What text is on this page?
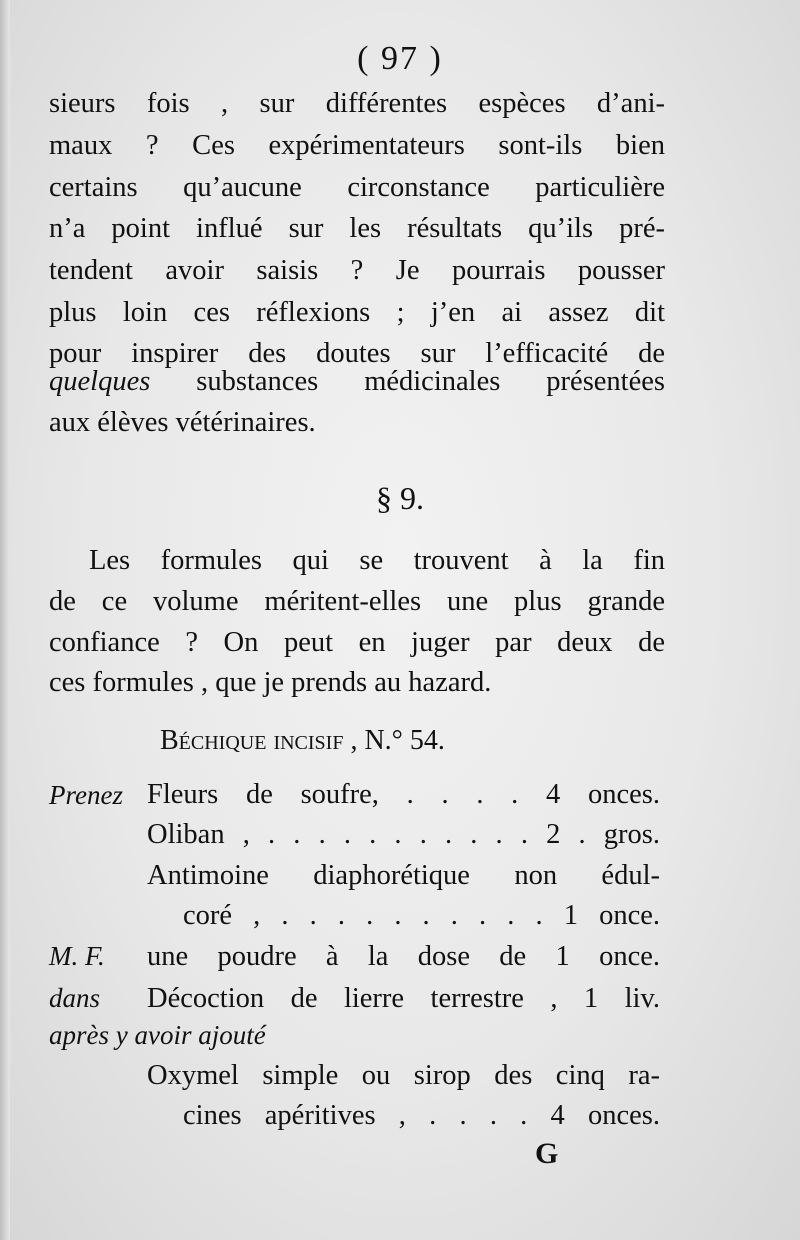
( 97 )
sieurs fois , sur différentes espèces d’ani-
maux ? Ces expérimentateurs sont-ils bien
certains qu’aucune circonstance particulière
n’a point influé sur les résultats qu’ils pré-
tendent avoir saisis ? Je pourrais pousser
plus loin ces réflexions ; j’en ai assez dit
pour inspirer des doutes sur l’efficacité de
quelques substances médicinales présentées
aux élèves vétérinaires.
§ 9.
Les formules qui se trouvent à la fin
de ce volume méritent-elles une plus grande
confiance ? On peut en juger par deux de
ces formules , que je prends au hazard.
Béchique incisif , N.° 54.
Prenez Fleurs de soufre, . . . . 4 onces.
Oliban , . . . . . . . . . . . 2 . gros.
Antimoine diaphorétique non édul-
coré , . . . . . . . . . . 1 once.
M. F. une poudre à la dose de 1 once.
dans Décoction de lierre terrestre , 1 liv.
après y avoir ajouté
Oxymel simple ou sirop des cinq ra-
cines apéritives , . . . . 4 onces.
G
